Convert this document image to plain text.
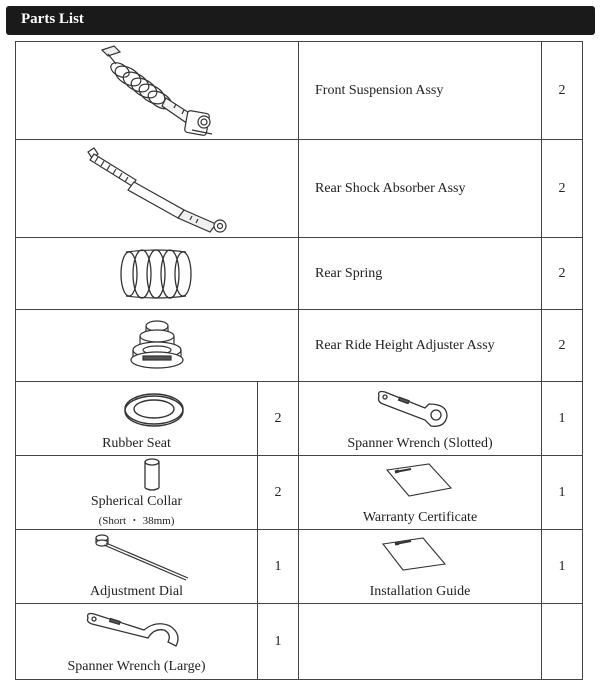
Parts List
	Front Suspension Assy	2

	Rear Shock Absorber Assy	2

	Rear Spring	2

	Rear Ride Height Adjuster Assy	2

Rubber Seat	2	Spanner Wrench (Slotted)	1

Spherical Collar
(Short ・ 38mm)	2	Warranty Certificate	1

Adjustment Dial	1	Installation Guide	1

Spanner Wrench (Large)	1		
